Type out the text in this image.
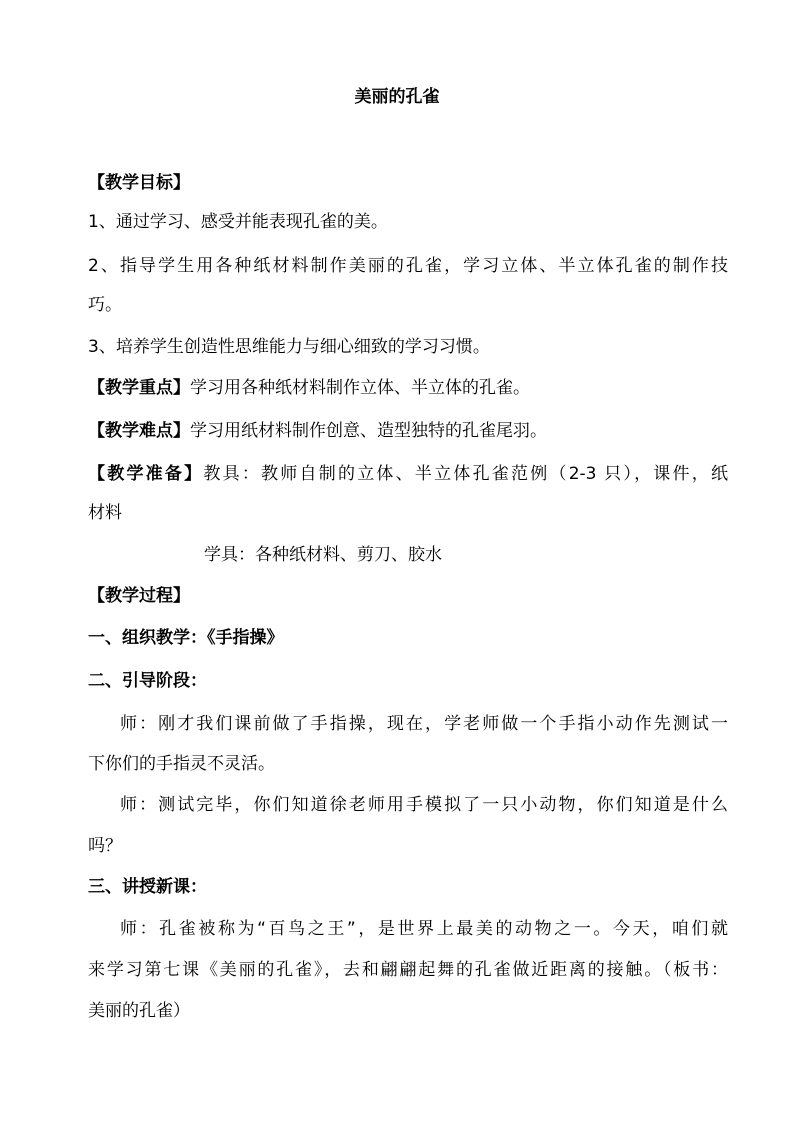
美丽的孔雀
【教学目标】
1、通过学习、感受并能表现孔雀的美。
2、指导学生用各种纸材料制作美丽的孔雀，学习立体、半立体孔雀的制作技
巧。
3、培养学生创造性思维能力与细心细致的学习习惯。
【教学重点】学习用各种纸材料制作立体、半立体的孔雀。
【教学难点】学习用纸材料制作创意、造型独特的孔雀尾羽。
【教学准备】教具：教师自制的立体、半立体孔雀范例（2-3 只），课件，纸
材料
学具：各种纸材料、剪刀、胶水
【教学过程】
一、组织教学：《手指操》
二、引导阶段：
师：刚才我们课前做了手指操，现在，学老师做一个手指小动作先测试一
下你们的手指灵不灵活。
师：测试完毕，你们知道徐老师用手模拟了一只小动物，你们知道是什么
吗？
三、讲授新课：
师：孔雀被称为“百鸟之王”，是世界上最美的动物之一。今天，咱们就
来学习第七课《美丽的孔雀》，去和翩翩起舞的孔雀做近距离的接触。（板书：
美丽的孔雀）
